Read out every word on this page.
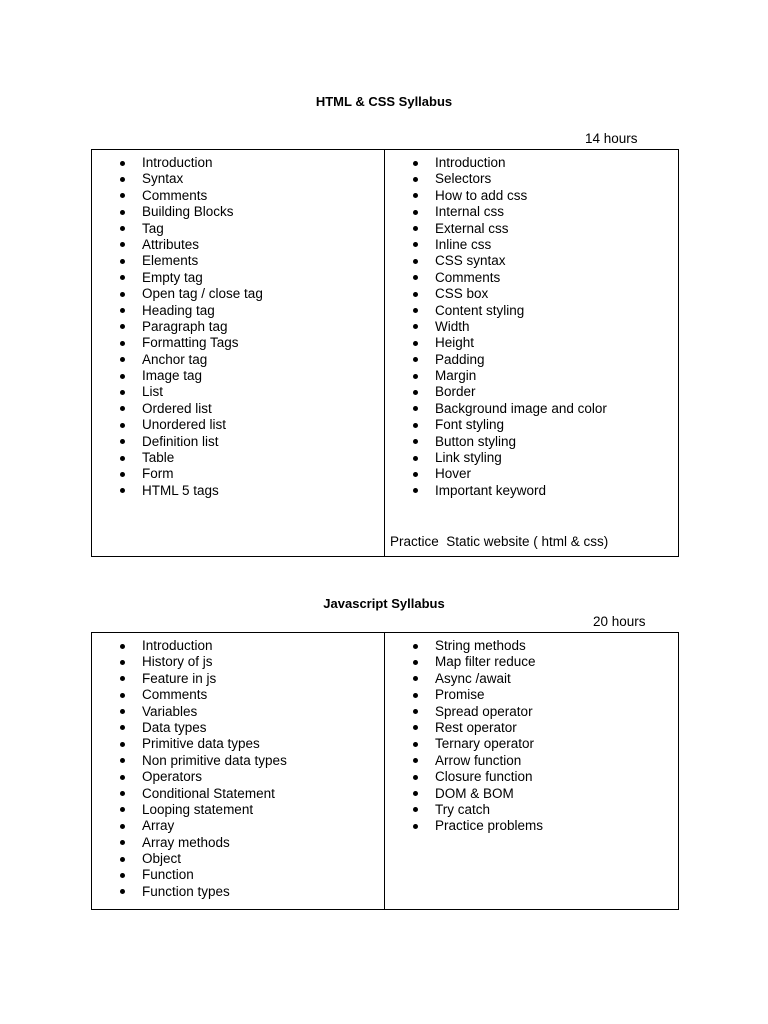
HTML & CSS Syllabus
14 hours
Introduction
Syntax
Comments
Building Blocks
Tag
Attributes
Elements
Empty tag
Open tag / close tag
Heading tag
Paragraph tag
Formatting Tags
Anchor tag
Image tag
List
Ordered list
Unordered list
Definition list
Table
Form
HTML 5 tags
Introduction
Selectors
How to add css
Internal css
External css
Inline css
CSS syntax
Comments
CSS box
Content styling
Width
Height
Padding
Margin
Border
Background image and color
Font styling
Button styling
Link styling
Hover
Important keyword
Practice  Static website ( html & css)
Javascript Syllabus
20 hours
Introduction
History of js
Feature in js
Comments
Variables
Data types
Primitive data types
Non primitive data types
Operators
Conditional Statement
Looping statement
Array
Array methods
Object
Function
Function types
String methods
Map filter reduce
Async /await
Promise
Spread operator
Rest operator
Ternary operator
Arrow function
Closure function
DOM & BOM
Try catch
Practice problems
